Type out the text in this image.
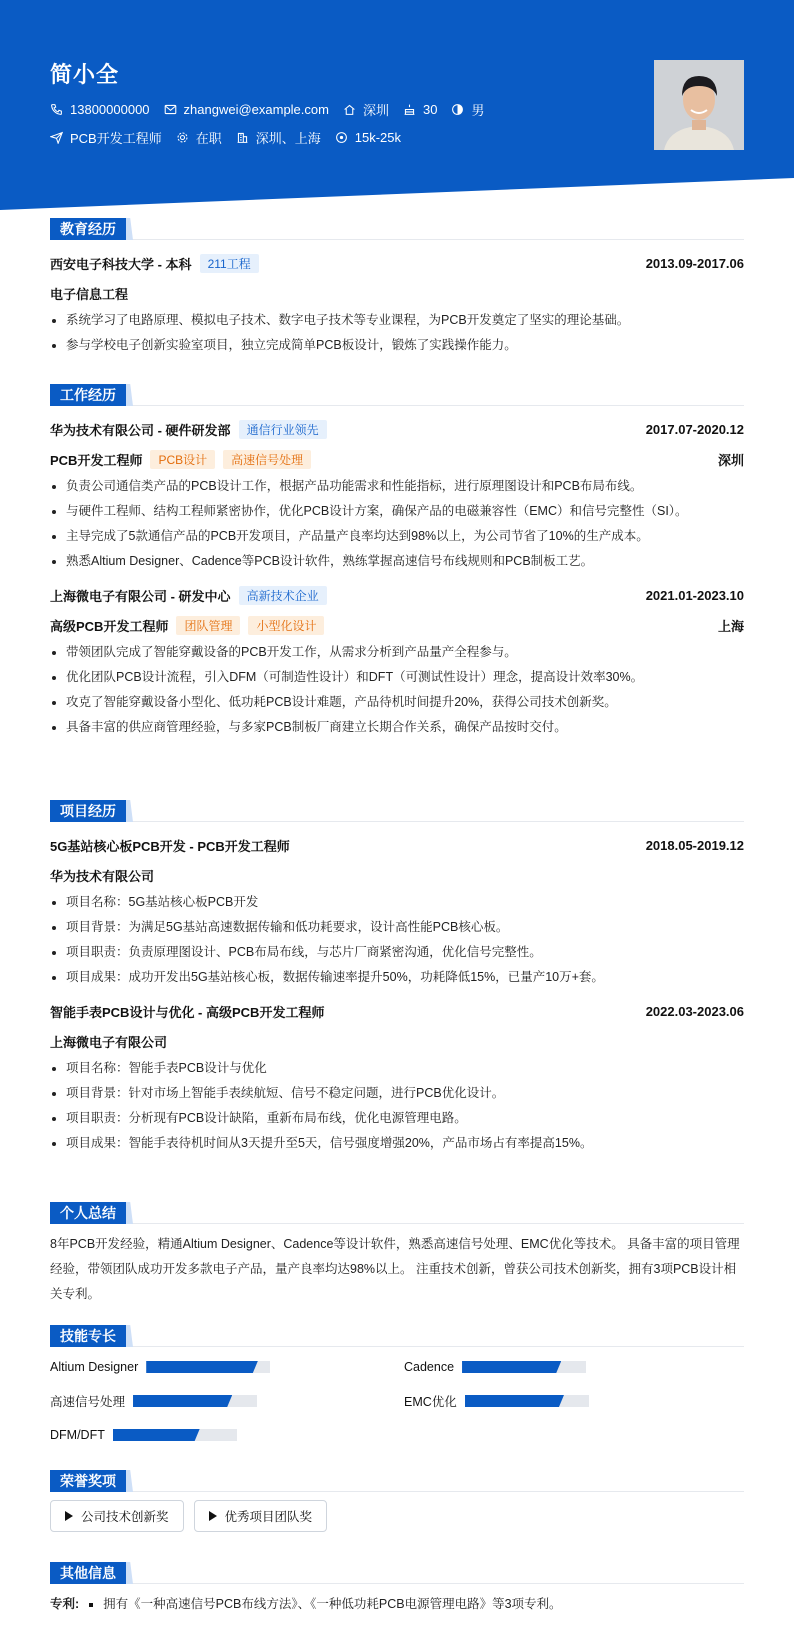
简小全
13800000000	zhangwei@example.com	深圳	30	男
PCB开发工程师	在职	深圳、上海	15k-25k
教育经历
西安电子科技大学 - 本科	211工程	2013.09-2017.06
电子信息工程
系统学习了电路原理、模拟电子技术、数字电子技术等专业课程，为PCB开发奠定了坚实的理论基础。
参与学校电子创新实验室项目，独立完成简单PCB板设计，锻炼了实践操作能力。
工作经历
华为技术有限公司 - 硬件研发部	通信行业领先	2017.07-2020.12
PCB开发工程师	PCB设计	高速信号处理	深圳
负责公司通信类产品的PCB设计工作，根据产品功能需求和性能指标，进行原理图设计和PCB布局布线。
与硬件工程师、结构工程师紧密协作，优化PCB设计方案，确保产品的电磁兼容性（EMC）和信号完整性（SI）。
主导完成了5款通信产品的PCB开发项目，产品量产良率均达到98%以上，为公司节省了10%的生产成本。
熟悉Altium Designer、Cadence等PCB设计软件，熟练掌握高速信号布线规则和PCB制板工艺。
上海微电子有限公司 - 研发中心	高新技术企业	2021.01-2023.10
高级PCB开发工程师	团队管理	小型化设计	上海
带领团队完成了智能穿戴设备的PCB开发工作，从需求分析到产品量产全程参与。
优化团队PCB设计流程，引入DFM（可制造性设计）和DFT（可测试性设计）理念，提高设计效率30%。
攻克了智能穿戴设备小型化、低功耗PCB设计难题，产品待机时间提升20%，获得公司技术创新奖。
具备丰富的供应商管理经验，与多家PCB制板厂商建立长期合作关系，确保产品按时交付。
项目经历
5G基站核心板PCB开发 - PCB开发工程师	2018.05-2019.12
华为技术有限公司
项目名称：5G基站核心板PCB开发
项目背景：为满足5G基站高速数据传输和低功耗要求，设计高性能PCB核心板。
项目职责：负责原理图设计、PCB布局布线，与芯片厂商紧密沟通，优化信号完整性。
项目成果：成功开发出5G基站核心板，数据传输速率提升50%，功耗降低15%，已量产10万+套。
智能手表PCB设计与优化 - 高级PCB开发工程师	2022.03-2023.06
上海微电子有限公司
项目名称：智能手表PCB设计与优化
项目背景：针对市场上智能手表续航短、信号不稳定问题，进行PCB优化设计。
项目职责：分析现有PCB设计缺陷，重新布局布线，优化电源管理电路。
项目成果：智能手表待机时间从3天提升至5天，信号强度增强20%，产品市场占有率提高15%。
个人总结

8年PCB开发经验，精通Altium Designer、Cadence等设计软件，熟悉高速信号处理、EMC优化等技术。 具备丰富的项目管理经验，带领团队成功开发多款电子产品，量产良率均达98%以上。 注重技术创新，曾获公司技术创新奖，拥有3项PCB设计相关专利。

技能专长
Altium Designer	Cadence
高速信号处理	EMC优化
DFM/DFT
荣誉奖项
公司技术创新奖	优秀项目团队奖
其他信息
专利: 拥有《一种高速信号PCB布线方法》、《一种低功耗PCB电源管理电路》等3项专利。
